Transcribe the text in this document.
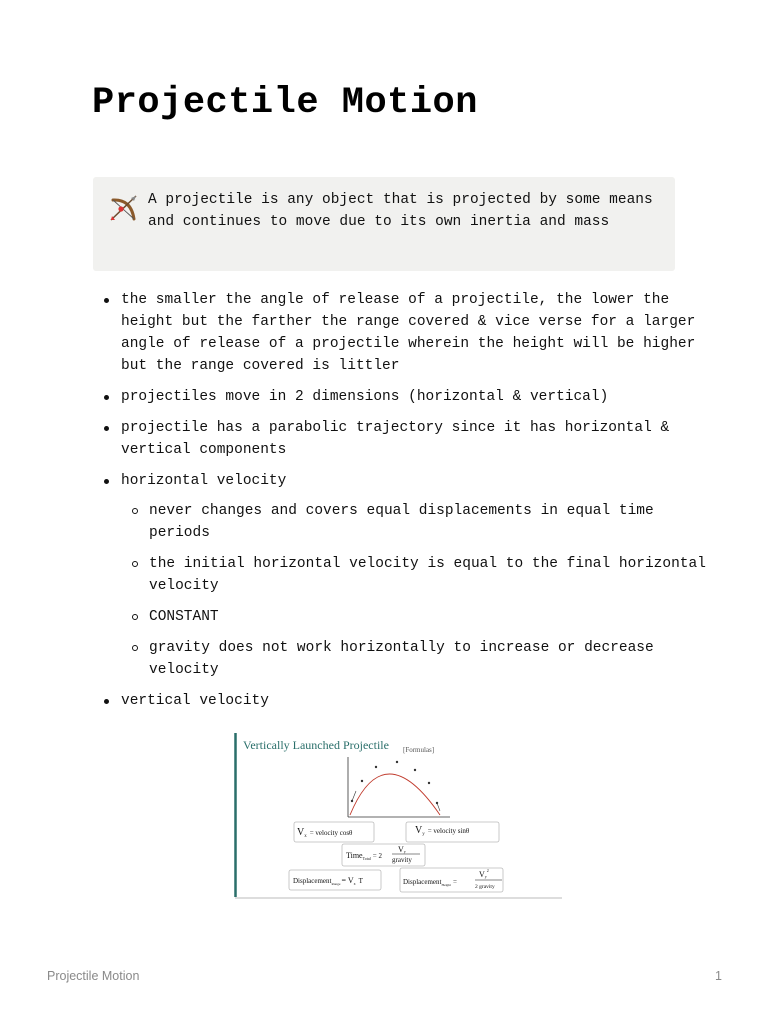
Projectile Motion
A projectile is any object that is projected by some means and continues to move due to its own inertia and mass
the smaller the angle of release of a projectile, the lower the height but the farther the range covered & vice verse for a larger angle of release of a projectile wherein the height will be higher but the range covered is littler
projectiles move in 2 dimensions (horizontal & vertical)
projectile has a parabolic trajectory since it has horizontal & vertical components
horizontal velocity
never changes and covers equal displacements in equal time periods
the initial horizontal velocity is equal to the final horizontal velocity
CONSTANT
gravity does not work horizontally to increase or decrease velocity
vertical velocity
Vertically Launched Projectile [Formulas]
$V_x$ $^{= velocity cos\theta}$	$V_y$ $^{= velocity sin\theta}$
Time$_{Total}$ = 2
Vy
gravity
Displacement$_{Range}$= $V_x$ T	Displacement$_{Height}$ =
$Vy^2$
2 gravity
Projectile Motion	1
